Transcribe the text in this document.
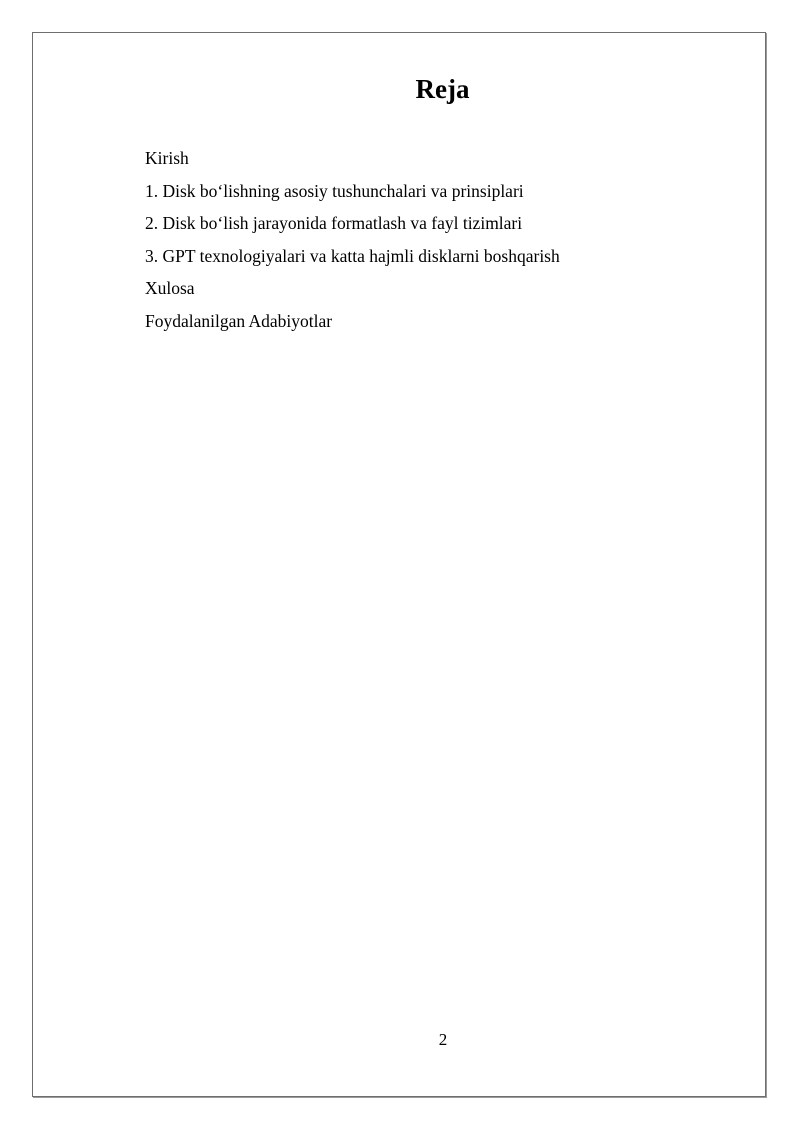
Reja
Kirish
1. Disk bo‘lishning asosiy tushunchalari va prinsiplari
2. Disk bo‘lish jarayonida formatlash va fayl tizimlari
3. GPT texnologiyalari va katta hajmli disklarni boshqarish
Xulosa
Foydalanilgan Adabiyotlar

2
